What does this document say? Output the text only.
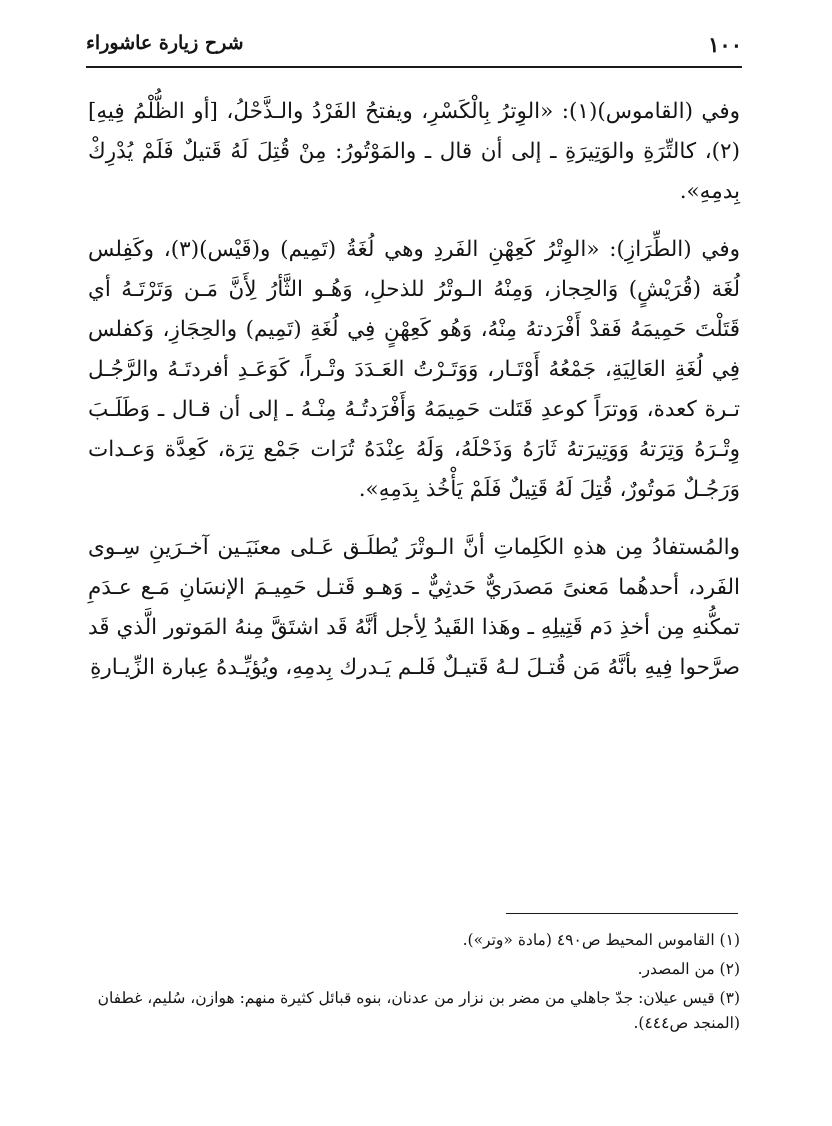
١٠٠
شرح زيارة عاشوراء

وفي (القاموس)(١): «الوِترُ بِالْكَسْرِ، ويفتحُ الفَرْدُ والـذَّحْلُ، [أو الظُّلْمُ فِيهِ](٢)، كالتِّرَةِ والوَتِيرَةِ ـ إلى أن قال ـ والمَوْتُورُ: مِنْ قُتِلَ لَهُ قَتيلٌ فَلَمْ يُدْرِكْ بِدمِهِ».

وفي (الطِّرَازِ): «الوِتْرُ كَعِهْنِ الفَردِ وهي لُغَةُ (تَمِيم) و(قَيْس)(٣)، وكَفِلس لُغَة (قُرَيْشٍ) وَالحِجاز، وَمِنْهُ الـوتْرُ للذحلِ، وَهُـو الثَّأرُ لِأَنَّ مَـن وَتَرْتَـهُ أي قَتَلْتَ حَمِيمَهُ فَقدْ أَفْرَدتهُ مِنْهُ، وَهُو كَعِهْنٍ فِي لُغَةِ (تَمِيم) والحِجَازِ، وَكفلس فِي لُغَةِ العَالِيَةِ، جَمْعُهُ أَوْتَـار، وَوَتَـرْتُ العَـدَدَ وتْـراً، كَوَعَـدِ أفردتَـهُ والرَّجُـل تـرة كعدة، وَوترَاً كوعدِ قَتَلت حَمِيمَهُ وَأَفْرَدتُـهُ مِنْـهُ ـ إلى أن قـال ـ وَطَلَـبَ وِتْـرَهُ وَتِرَتهُ وَوَتِيرَتهُ ثَارَهُ وَذَحْلَهُ، وَلَهُ عِنْدَهُ تُرَات جَمْع تِرَة، كَعِدَّة وَعـدات وَرَجُـلٌ مَوتُورٌ، قُتِلَ لَهُ قَتِيلٌ فَلَمْ يَأْخُذ بِدَمِهِ».

والمُستفادُ مِن هذهِ الكَلِماتِ أنَّ الـوتْرَ يُطلَـق عَـلى معنَيَـين آخـرَينِ سِـوى الفَرد، أحدهُما مَعنىً مَصدَريٌّ حَدثِيٌّ ـ وَهـو قَتـل حَمِيـمَ الإنسَانِ مَـع عـدَمِ تمكُّنهِ مِن أخذِ دَم قَتِيلِهِ ـ وهَذا القَيدُ لِأجل أنَّهُ قَد اشتَقَّ مِنهُ المَوتور الَّذي قَد صرَّحوا فِيهِ بأنَّهُ مَن قُتـلَ لـهُ قَتيـلٌ فَلـم يَـدرك بِدمِهِ، ويُؤيِّـدهُ عِبارة الزِّيـارةِ

(١) القاموس المحيط ص٤٩٠ (مادة «وتر»).

(٢) من المصدر.

(٣) قيس عيلان: جدّ جاهلي من مضر بن نزار من عدنان، بنوه قبائل كثيرة منهم: هوازن، سُليم، غطفان (المنجد ص٤٤٤).
